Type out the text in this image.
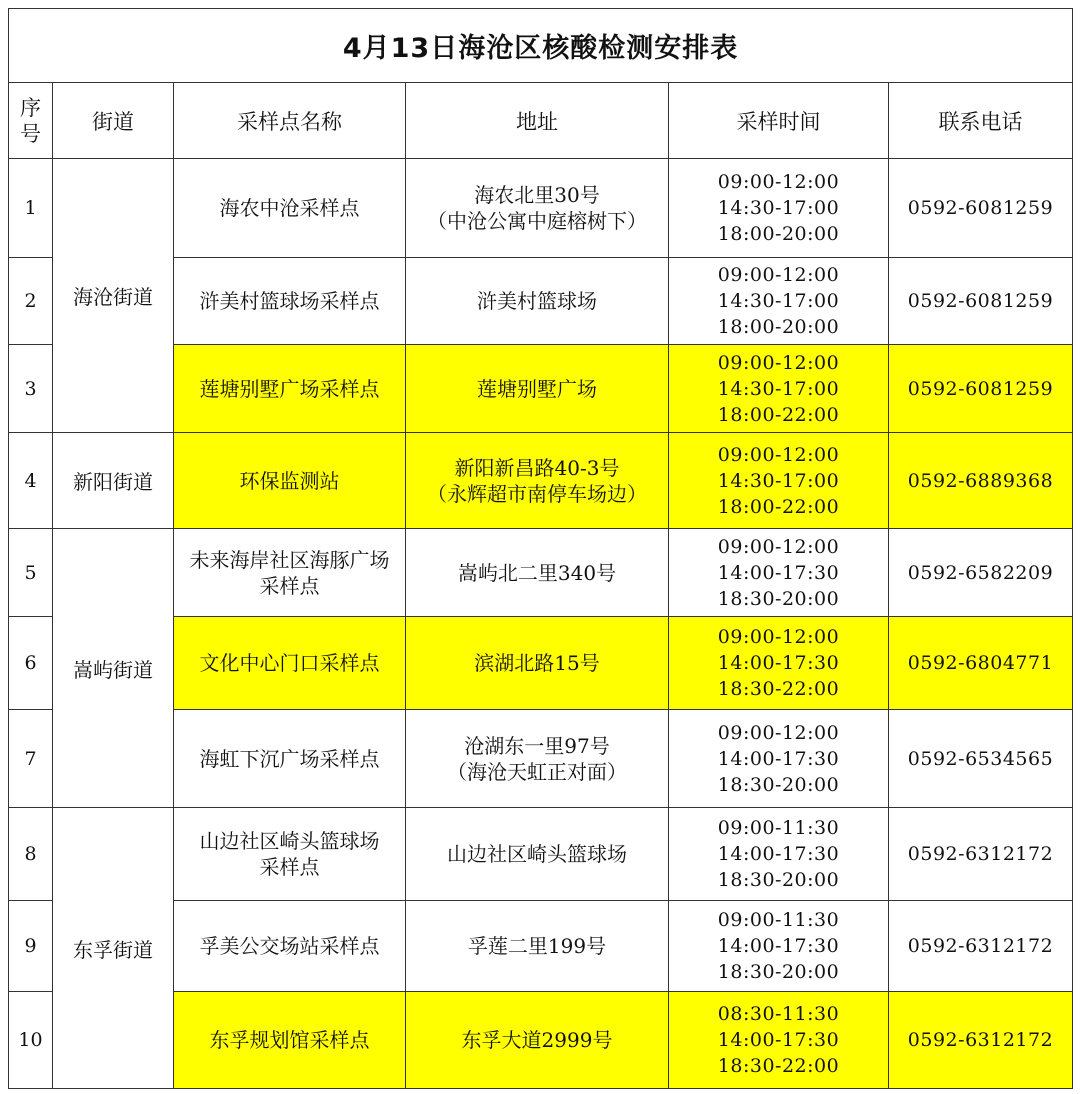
4月13日海沧区核酸检测安排表					
序
号	街道	采样点名称	地址	采样时间	联系电话
1	海沧街道	海农中沧采样点	海农北里30号
（中沧公寓中庭榕树下）	09:00-12:00
14:30-17:00
18:00-20:00	0592-6081259
2		浒美村篮球场采样点	浒美村篮球场	09:00-12:00
14:30-17:00
18:00-20:00	0592-6081259
3		莲塘别墅广场采样点	莲塘别墅广场	09:00-12:00
14:30-17:00
18:00-22:00	0592-6081259
4	新阳街道	环保监测站	新阳新昌路40-3号
（永辉超市南停车场边）	09:00-12:00
14:30-17:00
18:00-22:00	0592-6889368
5	嵩屿街道	未来海岸社区海豚广场
采样点	嵩屿北二里340号	09:00-12:00
14:00-17:30
18:30-20:00	0592-6582209
6		文化中心门口采样点	滨湖北路15号	09:00-12:00
14:00-17:30
18:30-22:00	0592-6804771
7		海虹下沉广场采样点	沧湖东一里97号
（海沧天虹正对面）	09:00-12:00
14:00-17:30
18:30-20:00	0592-6534565
8	东孚街道	山边社区崎头篮球场
采样点	山边社区崎头篮球场	09:00-11:30
14:00-17:30
18:30-20:00	0592-6312172
9		孚美公交场站采样点	孚莲二里199号	09:00-11:30
14:00-17:30
18:30-20:00	0592-6312172
10		东孚规划馆采样点	东孚大道2999号	08:30-11:30
14:00-17:30
18:30-22:00	0592-6312172
